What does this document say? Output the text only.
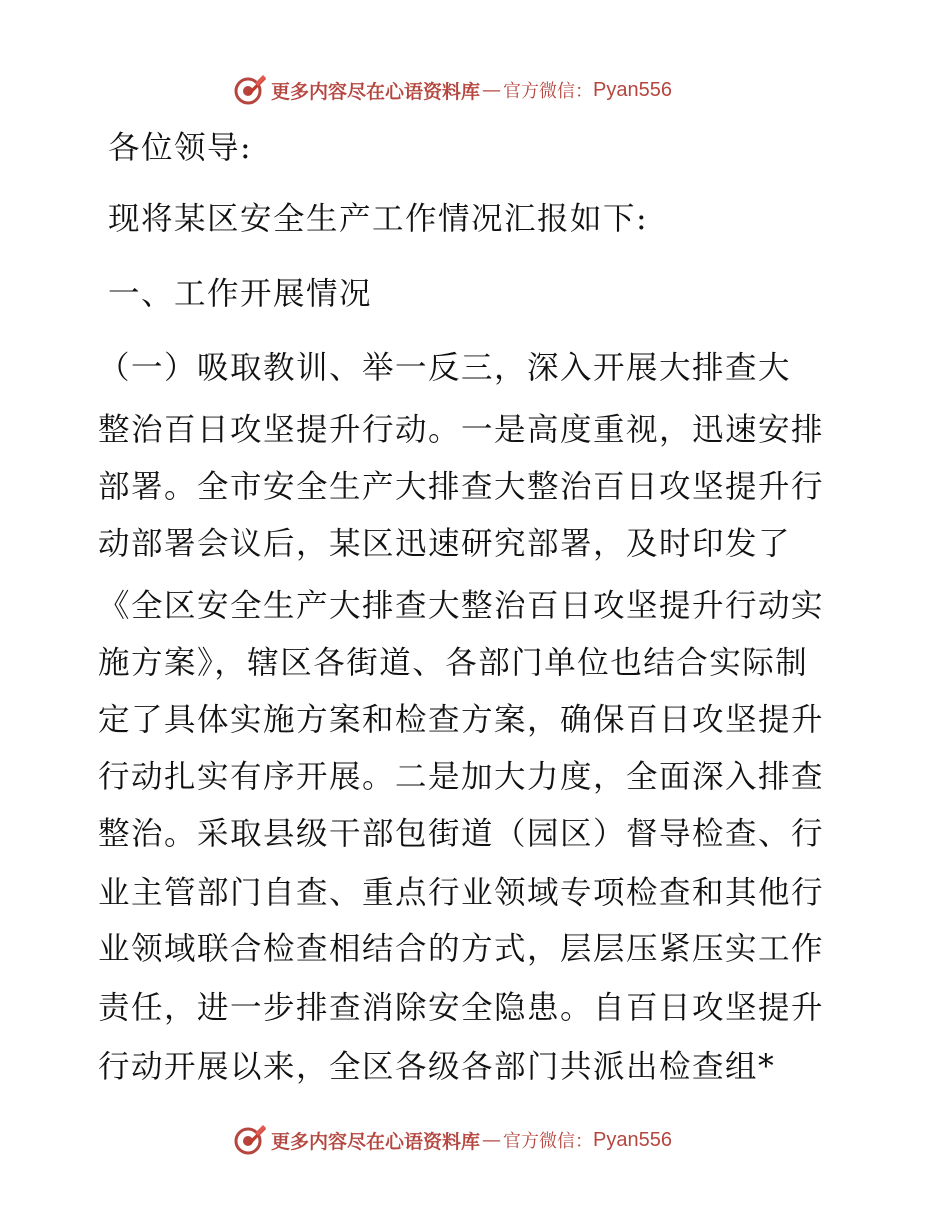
更多内容尽在心语资料库 — 官方微信： Pyan556
各位领导:
现将某区安全生产工作情况汇报如下:
一、工作开展情况
（一）吸取教训、举一反三，深入开展大排查大
整治百日攻坚提升行动。一是高度重视，迅速安排
部署。全市安全生产大排查大整治百日攻坚提升行
动部署会议后，某区迅速研究部署，及时印发了
《全区安全生产大排查大整治百日攻坚提升行动实
施方案》，辖区各街道、各部门单位也结合实际制
定了具体实施方案和检查方案，确保百日攻坚提升
行动扎实有序开展。二是加大力度，全面深入排查
整治。采取县级干部包街道（园区）督导检查、行
业主管部门自查、重点行业领域专项检查和其他行
业领域联合检查相结合的方式，层层压紧压实工作
责任，进一步排查消除安全隐患。自百日攻坚提升
行动开展以来，全区各级各部门共派出检查组*
更多内容尽在心语资料库 — 官方微信： Pyan556
